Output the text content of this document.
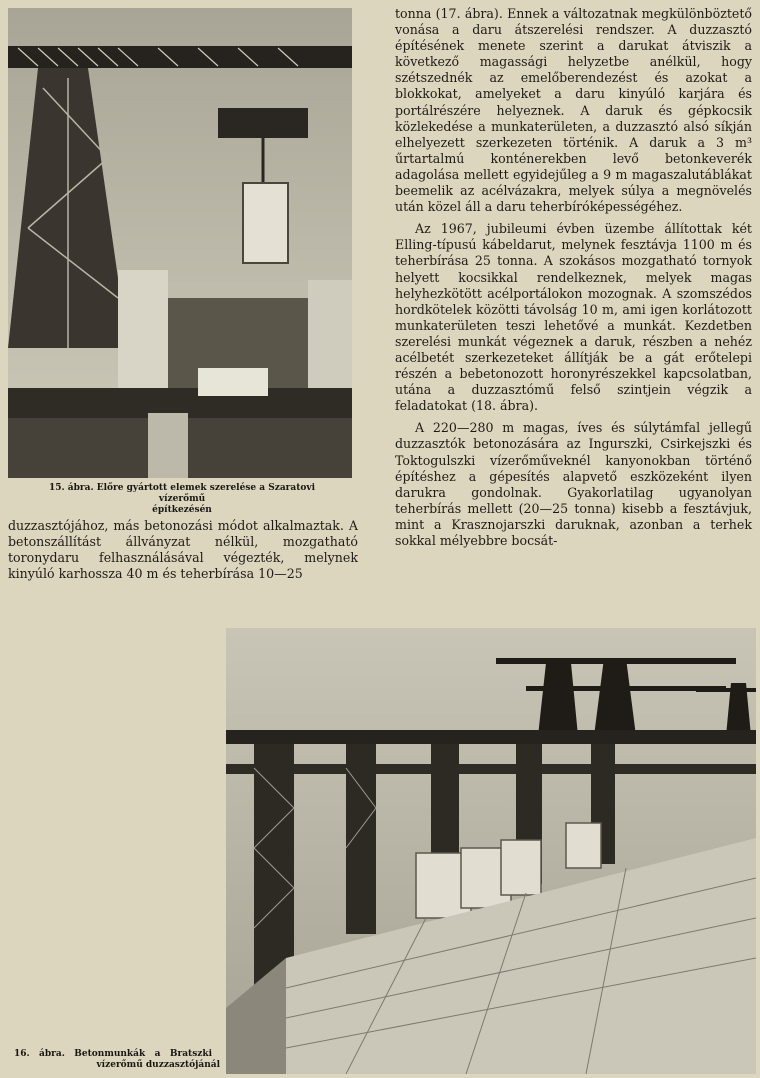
15. ábra. Előre gyártott elemek szerelése a Szaratovi vízerőmű
építkezésén

duzzasztójához, más betonozási módot alkalmaztak. A betonszállítást állványzat nélkül, mozgatható toronydaru felhasználásával végezték, melynek kinyúló karhossza 40 m és teherbírása 10—25

tonna (17. ábra). Ennek a változatnak megkülönböztető vonása a daru átszerelési rendszer. A duzzasztó építésének menete szerint a darukat átviszik a következő magassági helyzetbe anélkül, hogy szétszednék az emelőberendezést és azokat a blokkokat, amelyeket a daru kinyúló karjára és portálrészére helyeznek. A daruk és gépkocsik közlekedése a munkaterületen, a duzzasztó alsó síkján elhelyezett szerkezeten történik. A daruk a 3 m³ űrtartalmú konténerekben levő betonkeverék adagolása mellett egyidejűleg a 9 m magaszalutáblákat beemelik az acélvázakra, melyek súlya a megnövelés után közel áll a daru teherbíróképességéhez.

Az 1967, jubileumi évben üzembe állítottak két Elling-típusú kábeldarut, melynek fesztávja 1100 m és teherbírása 25 tonna. A szokásos mozgatható tornyok helyett kocsikkal rendelkeznek, melyek magas helyhezkötött acélportálokon mozognak. A szomszédos hordkötelek közötti távolság 10 m, ami igen korlátozott munkaterületen teszi lehetővé a munkát. Kezdetben szerelési munkát végeznek a daruk, részben a nehéz acélbetét szerkezeteket állítják be a gát erőtelepi részén a bebetonozott horonyrészekkel kapcsolatban, utána a duzzasztómű felső szintjein végzik a feladatokat (18. ábra).

A 220—280 m magas, íves és súlytámfal jellegű duzzasztók betonozására az Ingurszki, Csirkejszki és Toktogulszki vízerőműveknél kanyonokban történő építéshez a gépesítés alapvető eszközeként ilyen darukra gondolnak. Gyakorlatilag ugyanolyan teherbírás mellett (20—25 tonna) kisebb a fesztávjuk, mint a Krasznojarszki daruknak, azonban a terhek sokkal mélyebbre bocsát-

16.   ábra.   Betonmunkák   a   Bratszki
vízerőmű duzzasztójánál
